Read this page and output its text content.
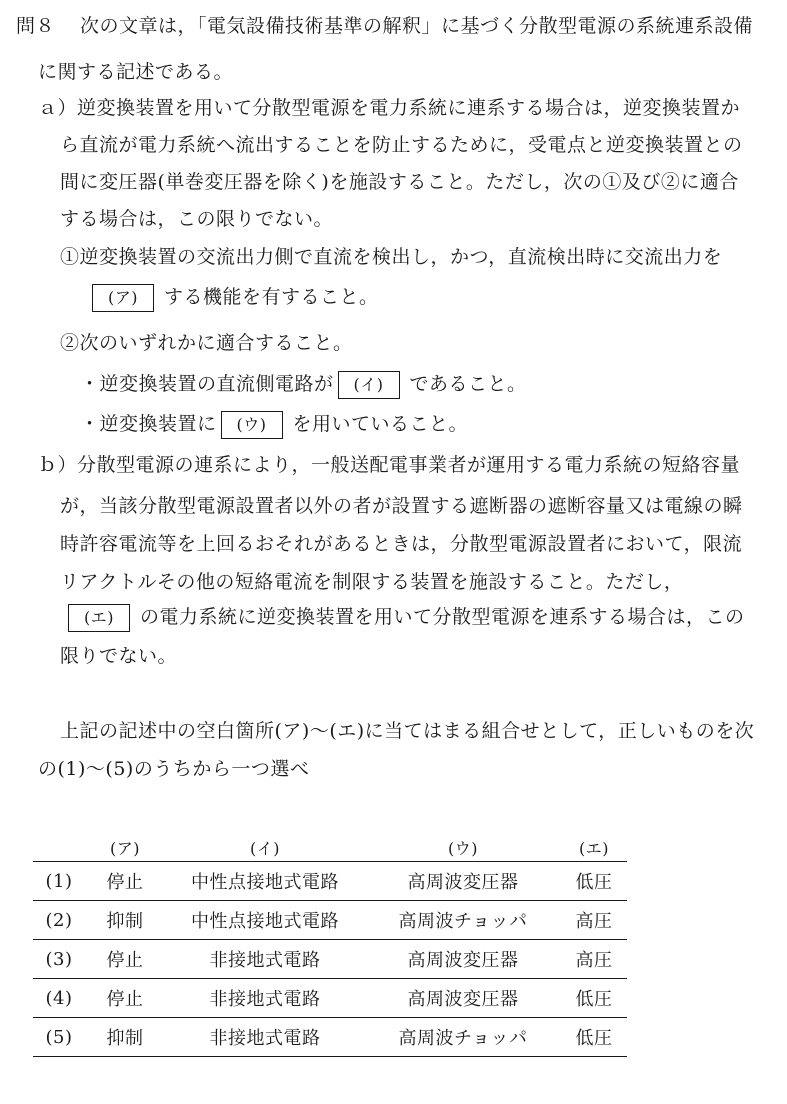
問８ 次の文章は，「電気設備技術基準の解釈」に基づく分散型電源の系統連系設備
に関する記述である。
ａ）逆変換装置を用いて分散型電源を電力系統に連系する場合は，逆変換装置か
ら直流が電力系統へ流出することを防止するために，受電点と逆変換装置との
間に変圧器(単巻変圧器を除く)を施設すること。ただし，次の①及び②に適合
する場合は，この限りでない。
①逆変換装置の交流出力側で直流を検出し，かつ，直流検出時に交流出力を
(ア) する機能を有すること。
②次のいずれかに適合すること。
・逆変換装置の直流側電路が (イ) であること。
・逆変換装置に (ウ) を用いていること。
ｂ）分散型電源の連系により，一般送配電事業者が運用する電力系統の短絡容量
が，当該分散型電源設置者以外の者が設置する遮断器の遮断容量又は電線の瞬
時許容電流等を上回るおそれがあるときは，分散型電源設置者において，限流
リアクトルその他の短絡電流を制限する装置を施設すること。ただし，
(エ) の電力系統に逆変換装置を用いて分散型電源を連系する場合は，この
限りでない。
上記の記述中の空白箇所(ア)～(エ)に当てはまる組合せとして，正しいものを次
の(1)～(5)のうちから一つ選べ
	(ア)	(イ)	(ウ)	(エ)
(1)	停止	中性点接地式電路	高周波変圧器	低圧
(2)	抑制	中性点接地式電路	高周波チョッパ	高圧
(3)	停止	非接地式電路	高周波変圧器	高圧
(4)	停止	非接地式電路	高周波変圧器	低圧
(5)	抑制	非接地式電路	高周波チョッパ	低圧
